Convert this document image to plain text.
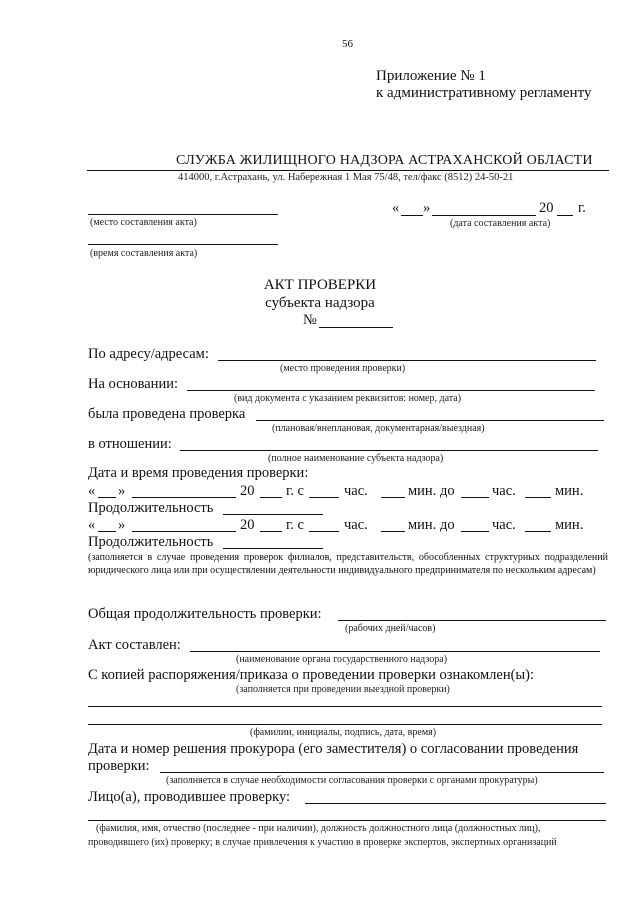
56
Приложение № 1
к административному регламенту
СЛУЖБА ЖИЛИЩНОГО НАДЗОРА АСТРАХАНСКОЙ ОБЛАСТИ
414000, г.Астрахань, ул. Набережная 1 Мая 75/48, тел/факс (8512) 24-50-21
(место составления акта)
(время составления акта)
« »	20 г.
(дата составления акта)
АКТ ПРОВЕРКИ
субъекта надзора
№
По адресу/адресам:
(место проведения проверки)
На основании:
(вид документа с указанием реквизитов: номер, дата)
была проведена проверка
(плановая/внеплановая, документарная/выездная)
в отношении:
(полное наименование субъекта надзора)
Дата и время проведения проверки:
« »	20 г. с	час.	мин. до	час.	мин.
Продолжительность
« »	20 г. с	час.	мин. до	час.	мин.
Продолжительность
(заполняется в случае проведения проверок филиалов, представительств, обособленных структурных подразделений юридического лица или при осуществлении деятельности индивидуального предпринимателя по нескольким адресам)
Общая продолжительность проверки:
(рабочих дней/часов)
Акт составлен:
(наименование органа государственного надзора)
С копией распоряжения/приказа о проведении проверки ознакомлен(ы):
(заполняется при проведении выездной проверки)
(фамилии, инициалы, подпись, дата, время)
Дата и номер решения прокурора (его заместителя) о согласовании проведения
проверки:
(заполняется в случае необходимости согласования проверки с органами прокуратуры)
Лицо(а), проводившее проверку:
(фамилия, имя, отчество (последнее - при наличии), должность должностного лица (должностных лиц),
проводившего (их) проверку; в случае привлечения к участию в проверке экспертов, экспертных организаций
